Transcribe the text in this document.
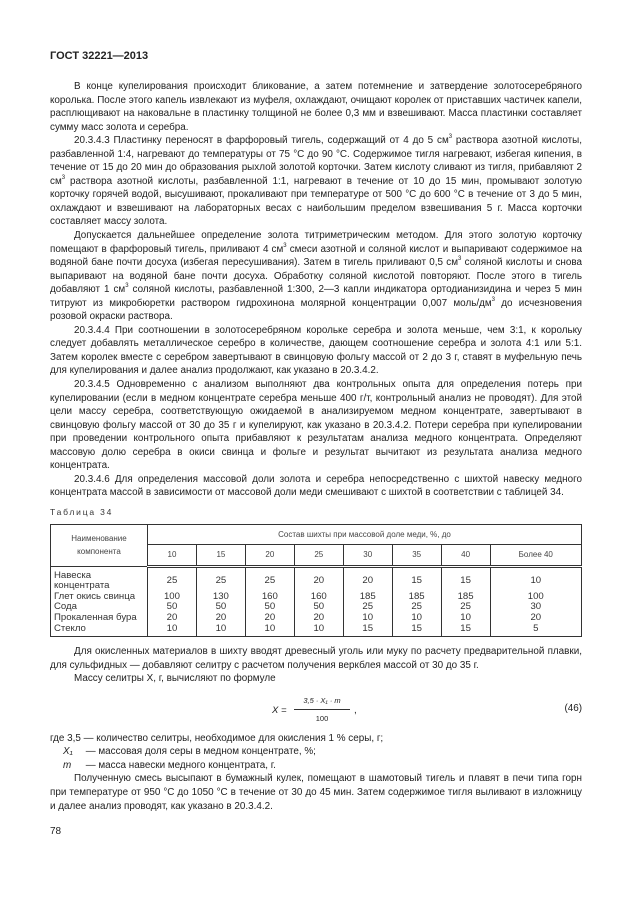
ГОСТ 32221—2013

В конце купелирования происходит бликование, а затем потемнение и затвердение золотосеребряного королька. После этого капель извлекают из муфеля, охлаждают, очищают королек от приставших частичек капели, расплющивают на наковальне в пластинку толщиной не более 0,3 мм и взвешивают. Масса пластинки составляет сумму масс золота и серебра.

20.3.4.3 Пластинку переносят в фарфоровый тигель, содержащий от 4 до 5 $см^3$ раствора азотной кислоты, разбавленной 1:4, нагревают до температуры от 75 °С до 90 °С. Содержимое тигля нагревают, избегая кипения, в течение от 15 до 20 мин до образования рыхлой золотой корточки. Затем кислоту сливают из тигля, прибавляют 2 $см^3$ раствора азотной кислоты, разбавленной 1:1, нагревают в течение от 10 до 15 мин, промывают золотую корточку горячей водой, высушивают, прокаливают при температуре от 500 °С до 600 °С в течение от 3 до 5 мин, охлаждают и взвешивают на лабораторных весах с наибольшим пределом взвешивания 5 г. Масса корточки составляет массу золота.

Допускается дальнейшее определение золота титриметрическим методом. Для этого золотую корточку помещают в фарфоровый тигель, приливают 4 $см^3$ смеси азотной и соляной кислот и выпаривают содержимое на водяной бане почти досуха (избегая пересушивания). Затем в тигель приливают 0,5 $см^3$ соляной кислоты и снова выпаривают на водяной бане почти досуха. Обработку соляной кислотой повторяют. После этого в тигель добавляют 1 $см^3$ соляной кислоты, разбавленной 1:300, 2—3 капли индикатора ортодианизидина и через 5 мин титруют из микробюретки раствором гидрохинона молярной концентрации 0,007 моль/$дм^3$ до исчезновения розовой окраски раствора.

20.3.4.4 При соотношении в золотосеребряном корольке серебра и золота меньше, чем 3:1, к корольку следует добавлять металлическое серебро в количестве, дающем соотношение серебра и золота 4:1 или 5:1. Затем королек вместе с серебром завертывают в свинцовую фольгу массой от 2 до 3 г, ставят в муфельную печь для купелирования и далее анализ продолжают, как указано в 20.3.4.2.

20.3.4.5 Одновременно с анализом выполняют два контрольных опыта для определения потерь при купелировании (если в медном концентрате серебра меньше 400 г/т, контрольный анализ не проводят). Для этой цели массу серебра, соответствующую ожидаемой в анализируемом медном концентрате, завертывают в свинцовую фольгу массой от 30 до 35 г и купелируют, как указано в 20.3.4.2. Потери серебра при купелировании при проведении контрольного опыта прибавляют к результатам анализа медного концентрата. Определяют массовую долю серебра в окиси свинца и фольге и результат вычитают из результата анализа медного концентрата.

20.3.4.6 Для определения массовой доли золота и серебра непосредственно с шихтой навеску медного концентрата массой в зависимости от массовой доли меди смешивают с шихтой в соответствии с таблицей 34.

Таблица 34
Наименование компонента	Состав шихты при массовой доле меди, %, до							
	10	15	20	25	30	35	40	Более 40
Навеска концентрата	25	25	25	20	20	15	15	10
Глет окись свинца	100	130	160	160	185	185	185	100
Сода	50	50	50	50	25	25	25	30
Прокаленная бура	20	20	20	20	10	10	10	20
Стекло	10	10	10	10	15	15	15	5

Для окисленных материалов в шихту вводят древесный уголь или муку по расчету предварительной плавки, для сульфидных — добавляют селитру с расчетом получения веркблея массой от 30 до 35 г.

Массу селитры X, г, вычисляют по формуле

$X = \frac{\text{3,5 · X₁ · m}}{100}$ ,	(46)

где 3,5 — количество селитры, необходимое для окисления 1 % серы, г;

X₁ — массовая доля серы в медном концентрате, %;

m — масса навески медного концентрата, г.

Полученную смесь высыпают в бумажный кулек, помещают в шамотовый тигель и плавят в печи типа горн при температуре от 950 °С до 1050 °С в течение от 30 до 45 мин. Затем содержимое тигля выливают в изложницу и далее анализ проводят, как указано в 20.3.4.2.

78
